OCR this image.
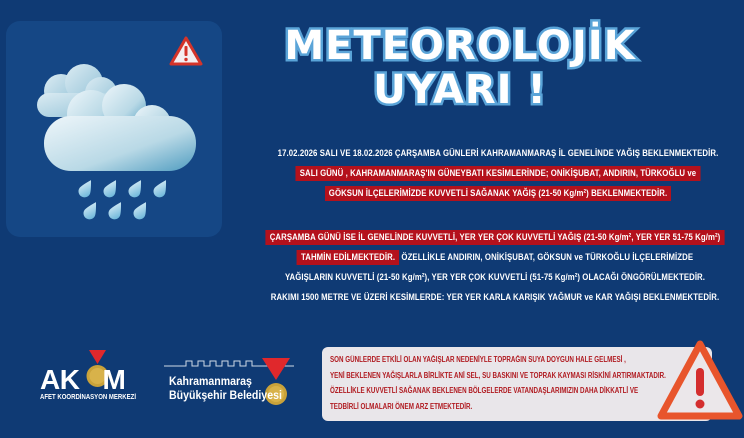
METEOROLOJİK
UYARI !
17.02.2026 SALI VE 18.02.2026 ÇARŞAMBA GÜNLERİ KAHRAMANMARAŞ İL GENELİNDE YAĞIŞ BEKLENMEKTEDİR.
SALI GÜNÜ , KAHRAMANMARAŞ'IN GÜNEYBATI KESİMLERİNDE; ONİKİŞUBAT, ANDIRIN, TÜRKOĞLU ve
GÖKSUN İLÇELERİMİZDE KUVVETLİ SAĞANAK YAĞIŞ (21-50 Kg/m²) BEKLENMEKTEDİR.
ÇARŞAMBA GÜNÜ İSE İL GENELİNDE KUVVETLİ, YER YER ÇOK KUVVETLİ YAĞIŞ (21-50 Kg/m², YER YER 51-75 Kg/m²)
TAHMİN EDİLMEKTEDİR. ÖZELLİKLE ANDIRIN, ONİKİŞUBAT, GÖKSUN ve TÜRKOĞLU İLÇELERİMİZDE
YAĞIŞLARIN KUVVETLİ (21-50 Kg/m²), YER YER ÇOK KUVVETLİ (51-75 Kg/m²) OLACAĞI ÖNGÖRÜLMEKTEDİR.
RAKIMI 1500 METRE VE ÜZERİ KESİMLERDE: YER YER KARLA KARIŞIK YAĞMUR ve KAR YAĞIŞI BEKLENMEKTEDİR.
AK M
AFET KOORDİNASYON MERKEZİ
Kahramanmaraş
Büyükşehir Belediyesi
SON GÜNLERDE ETKİLİ OLAN YAĞIŞLAR NEDENİYLE TOPRAĞIN SUYA DOYGUN HALE GELMESİ ,
YENİ BEKLENEN YAĞIŞLARLA BİRLİKTE ANİ SEL, SU BASKINI VE TOPRAK KAYMASI RİSKİNİ ARTIRMAKTADIR.
ÖZELLİKLE KUVVETLİ SAĞANAK BEKLENEN BÖLGELERDE VATANDAŞLARIMIZIN DAHA DİKKATLİ VE
TEDBİRLİ OLMALARI ÖNEM ARZ ETMEKTEDİR.
